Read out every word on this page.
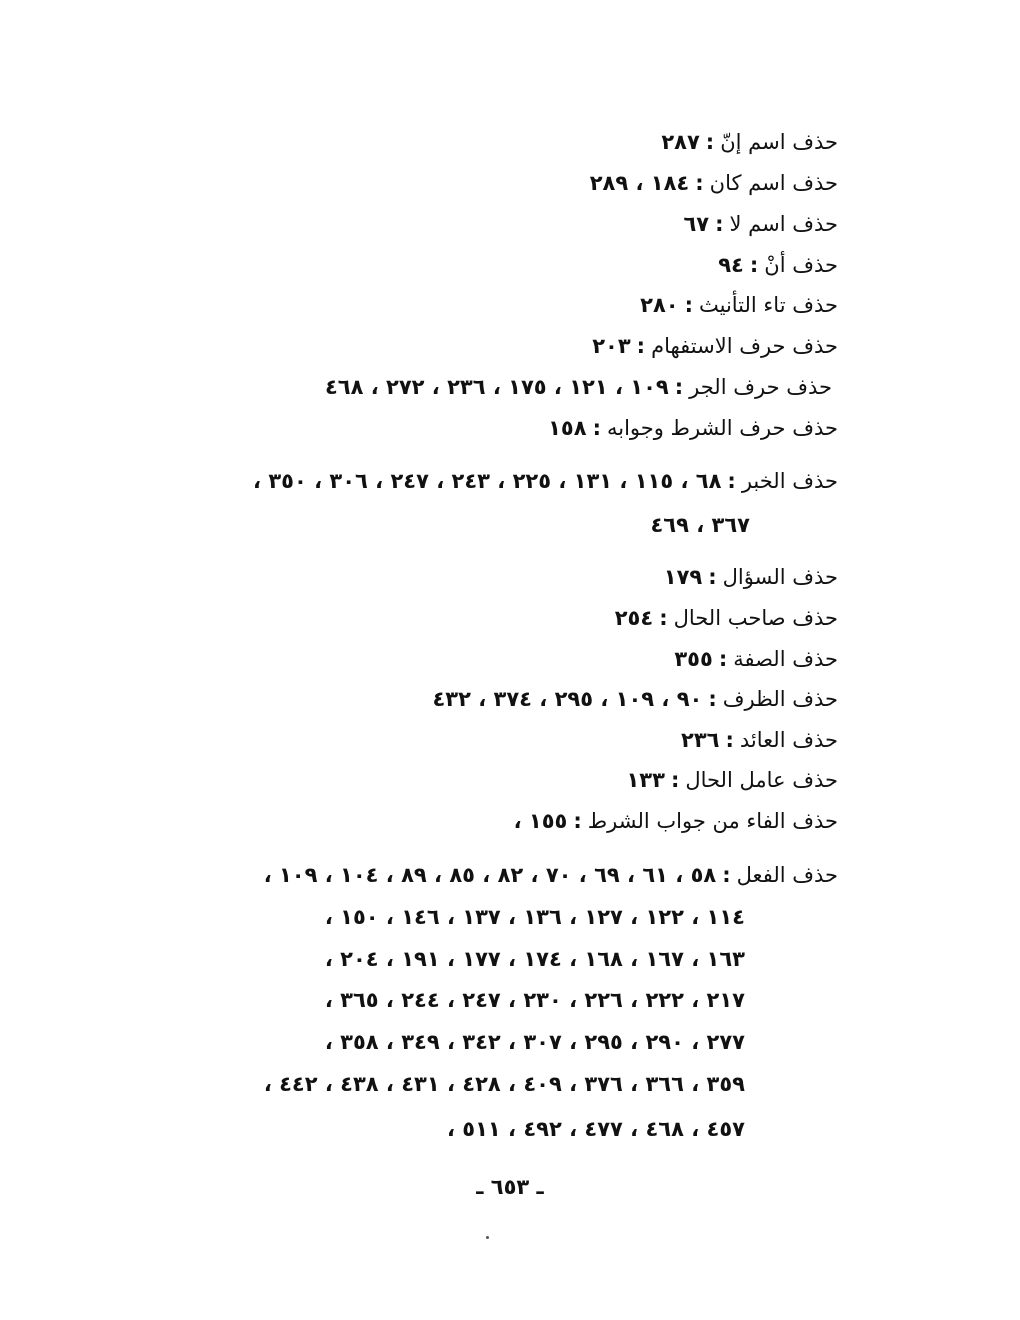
حذف اسم إنّ:٢٨٧
حذف اسم كان:١٨٤ ، ٢٨٩
حذف اسم لا:٦٧
حذف أنْ:٩٤
حذف تاء التأنيث:٢٨٠
حذف حرف الاستفهام:٢٠٣
حذف حرف الجر:١٠٩ ، ١٢١ ، ١٧٥ ، ٢٣٦ ، ٢٧٢ ، ٤٦٨
حذف حرف الشرط وجوابه:١٥٨
حذف الخبر:٦٨ ، ١١٥ ، ١٣١ ، ٢٢٥ ، ٢٤٣ ، ٢٤٧ ، ٣٠٦ ، ٣٥٠ ،
٣٦٧ ، ٤٦٩
حذف السؤال:١٧٩
حذف صاحب الحال:٢٥٤
حذف الصفة:٣٥٥
حذف الظرف:٩٠ ، ١٠٩ ، ٢٩٥ ، ٣٧٤ ، ٤٣٢
حذف العائد:٢٣٦
حذف عامل الحال:١٣٣
حذف الفاء من جواب الشرط:١٥٥ ،
حذف الفعل:٥٨ ، ٦١ ، ٦٩ ، ٧٠ ، ٨٢ ، ٨٥ ، ٨٩ ، ١٠٤ ، ١٠٩ ،
١١٤ ، ١٢٢ ، ١٢٧ ، ١٣٦ ، ١٣٧ ، ١٤٦ ، ١٥٠ ،
١٦٣ ، ١٦٧ ، ١٦٨ ، ١٧٤ ، ١٧٧ ، ١٩١ ، ٢٠٤ ،
٢١٧ ، ٢٢٢ ، ٢٢٦ ، ٢٣٠ ، ٢٤٧ ، ٢٤٤ ، ٣٦٥ ،
٢٧٧ ، ٢٩٠ ، ٢٩٥ ، ٣٠٧ ، ٣٤٢ ، ٣٤٩ ، ٣٥٨ ،
٣٥٩ ، ٣٦٦ ، ٣٧٦ ، ٤٠٩ ، ٤٢٨ ، ٤٣١ ، ٤٣٨ ، ٤٤٢ ،
٤٥٧ ، ٤٦٨ ، ٤٧٧ ، ٤٩٢ ، ٥١١ ،
ـ ٦٥٣ ـ
